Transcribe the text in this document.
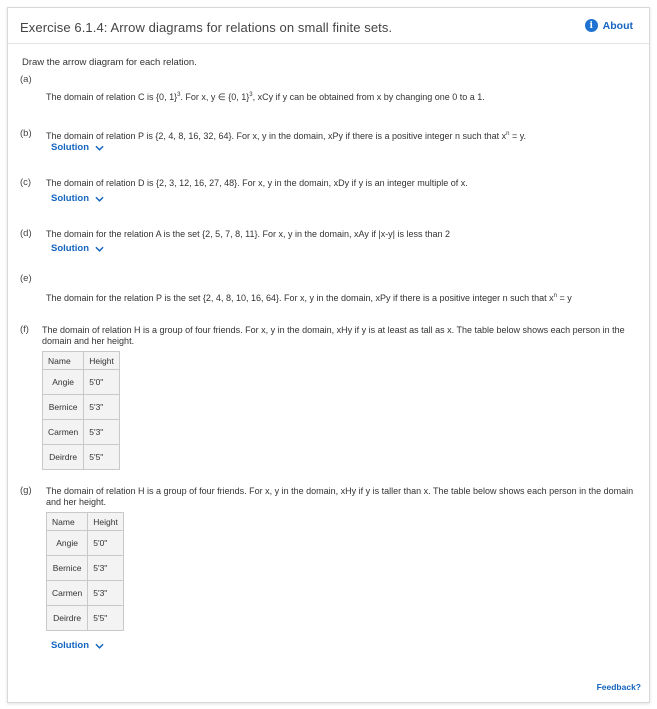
Exercise 6.1.4: Arrow diagrams for relations on small finite sets.	i About
Draw the arrow diagram for each relation.
(a)
The domain of relation C is {0, 1}$^3$. For x, y ∈ {0, 1}$^3$, xCy if y can be obtained from x by changing one 0 to a 1.
(b) The domain of relation P is {2, 4, 8, 16, 32, 64}. For x, y in the domain, xPy if there is a positive integer n such that $x^n = y$.
Solution
(c) The domain of relation D is {2, 3, 12, 16, 27, 48}. For x, y in the domain, xDy if y is an integer multiple of x.
Solution
(d) The domain for the relation A is the set {2, 5, 7, 8, 11}. For x, y in the domain, xAy if |x-y| is less than 2
Solution
(e)
The domain for the relation P is the set {2, 4, 8, 10, 16, 64}. For x, y in the domain, xPy if there is a positive integer n such that $x^n = y$
(f) The domain of relation H is a group of four friends. For x, y in the domain, xHy if y is at least as tall as x. The table below shows each person in the domain and her height.
Name	Height
Angie	5'0"
Bernice	5'3"
Carmen	5'3"
Deirdre	5'5"
(g) The domain of relation H is a group of four friends. For x, y in the domain, xHy if y is taller than x. The table below shows each person in the domain and her height.
Name	Height
Angie	5'0"
Bernice	5'3"
Carmen	5'3"
Deirdre	5'5"
Solution
Feedback?
